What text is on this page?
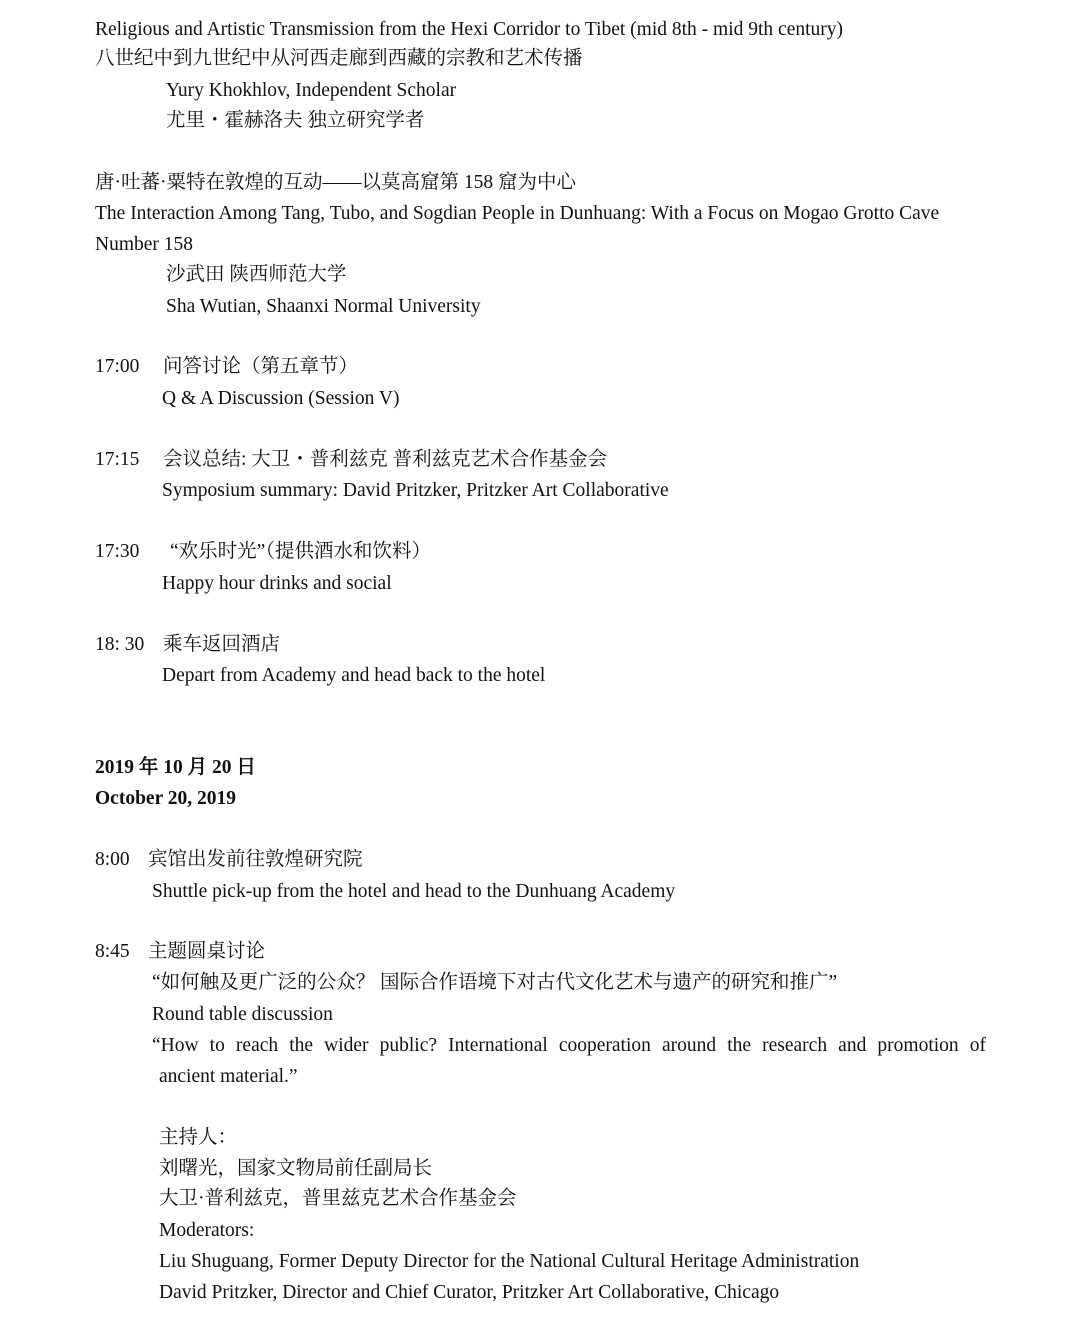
Religious and Artistic Transmission from the Hexi Corridor to Tibet (mid 8th - mid 9th century)
八世纪中到九世纪中从河西走廊到西藏的宗教和艺术传播
Yury Khokhlov, Independent Scholar
尤里・霍赫洛夫 独立研究学者
唐·吐蕃·粟特在敦煌的互动——以莫高窟第 158 窟为中心
The Interaction Among Tang, Tubo, and Sogdian People in Dunhuang: With a Focus on Mogao Grotto Cave
Number 158
沙武田 陕西师范大学
Sha Wutian, Shaanxi Normal University
17:00 问答讨论（第五章节）
Q & A Discussion (Session V)
17:15 会议总结: 大卫・普利兹克 普利兹克艺术合作基金会
Symposium summary: David Pritzker, Pritzker Art Collaborative
17:30 “欢乐时光”（提供酒水和饮料）
Happy hour drinks and social
18: 30 乘车返回酒店
Depart from Academy and head back to the hotel
2019 年 10 月 20 日
October 20, 2019
8:00 宾馆出发前往敦煌研究院
Shuttle pick-up from the hotel and head to the Dunhuang Academy
8:45 主题圆桌讨论
“如何触及更广泛的公众？ 国际合作语境下对古代文化艺术与遗产的研究和推广”
Round table discussion
“How to reach the wider public? International cooperation around the research and promotion of
ancient material.”
主持人：
刘曙光，国家文物局前任副局长
大卫·普利兹克，普里兹克艺术合作基金会
Moderators:
Liu Shuguang, Former Deputy Director for the National Cultural Heritage Administration
David Pritzker, Director and Chief Curator, Pritzker Art Collaborative, Chicago
